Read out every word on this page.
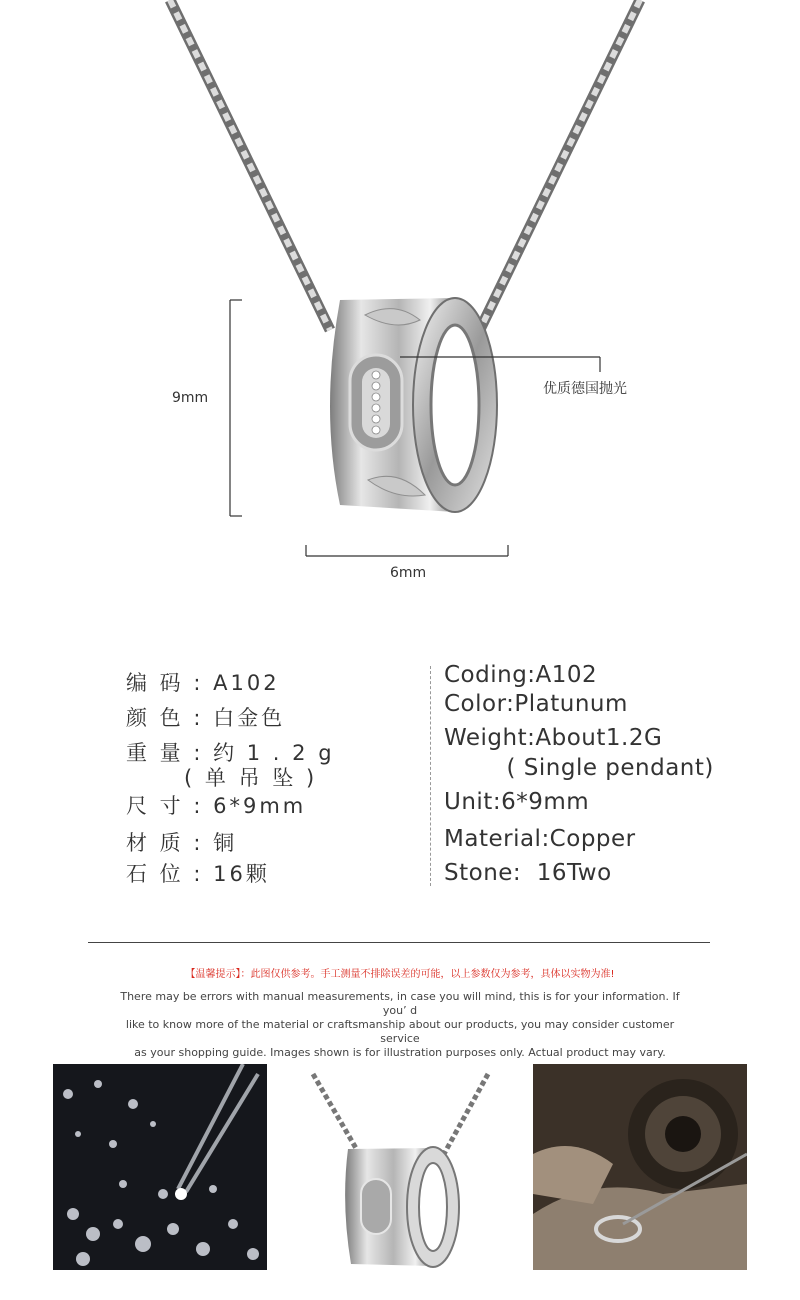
9mm
6mm
优质德国抛光
编 码 : A102
颜 色 : 白金色
重 量 : 约 1 . 2 g
( 单 吊 坠 )
尺 寸 : 6*9mm
材 质 : 铜
石 位 : 16颗
Coding:A102
Color:Platunum
Weight:About1.2G
( Single pendant)
Unit:6*9mm
Material:Copper
Stone:  16Two
【温馨提示】：此图仅供参考。手工测量不排除误差的可能，以上参数仅为参考，具体以实物为准!
There may be errors with manual measurements, in case you will mind, this is for your information. If you’ d
like to know more of the material or craftsmanship about our products, you may consider customer service
as your shopping guide. Images shown is for illustration purposes only. Actual product may vary.
